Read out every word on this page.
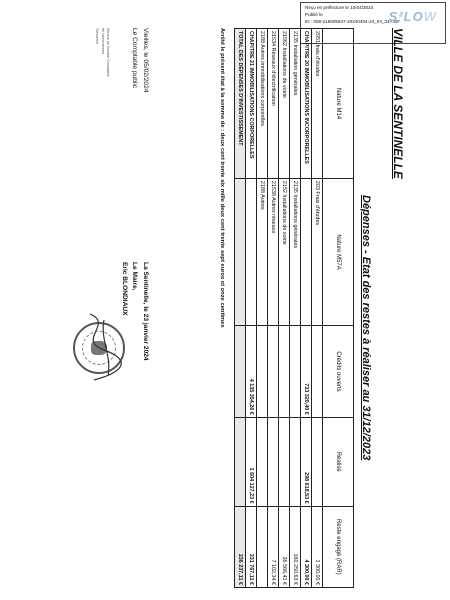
Reçu en préfecture le 10/04/2024
Publié le
ID : 059-215905647-20240404-24_04_34A-BF
S²LOW
VILLE DE LA SENTINELLE
Dépenses - Etat des restes à réaliser au 31/12/2023
Nature M14	Nature M57A	Crédits ouverts	Réalisé	Reste engagé (RAR)
2051 frais d'études	203 Frais d'études			1 300,00 €
CHAPITRE 20 IMMOBILISATIONS INCORPORELLES		733 320,40 €	298 618,53 €	4 300,00 €
2135 Installation générales	2135 Installations générales			160 250,63 €
21562 Installations de voirie	2152 Installations de voirie			36 566,41 €
21534 Réseaux d'électrification	21538 Autres réseaux			7 102,34 €
2188 Autres immobilisations corporelles	2188 Autres			
CHAPITRE 21 IMMOBILISATIONS CORPORELLES		4 135 354,26 €	1 604 127,23 €	231 767,11 €
TOTAL DES DÉPENSES D'INVESTISSEMENT				236 237,11 €
Arrêté le présent état à la somme de : deux cent trente six mille deux cent trente sept euros et onze centimes
Vieilles, le 05/02/2024
Le Comptable public
Service de Gestion Comptable
de Valenciennes
Trésorerie
La Sentinelle, le 23 janvier 2024
Le Maire,
Eric BLONDIAUX
